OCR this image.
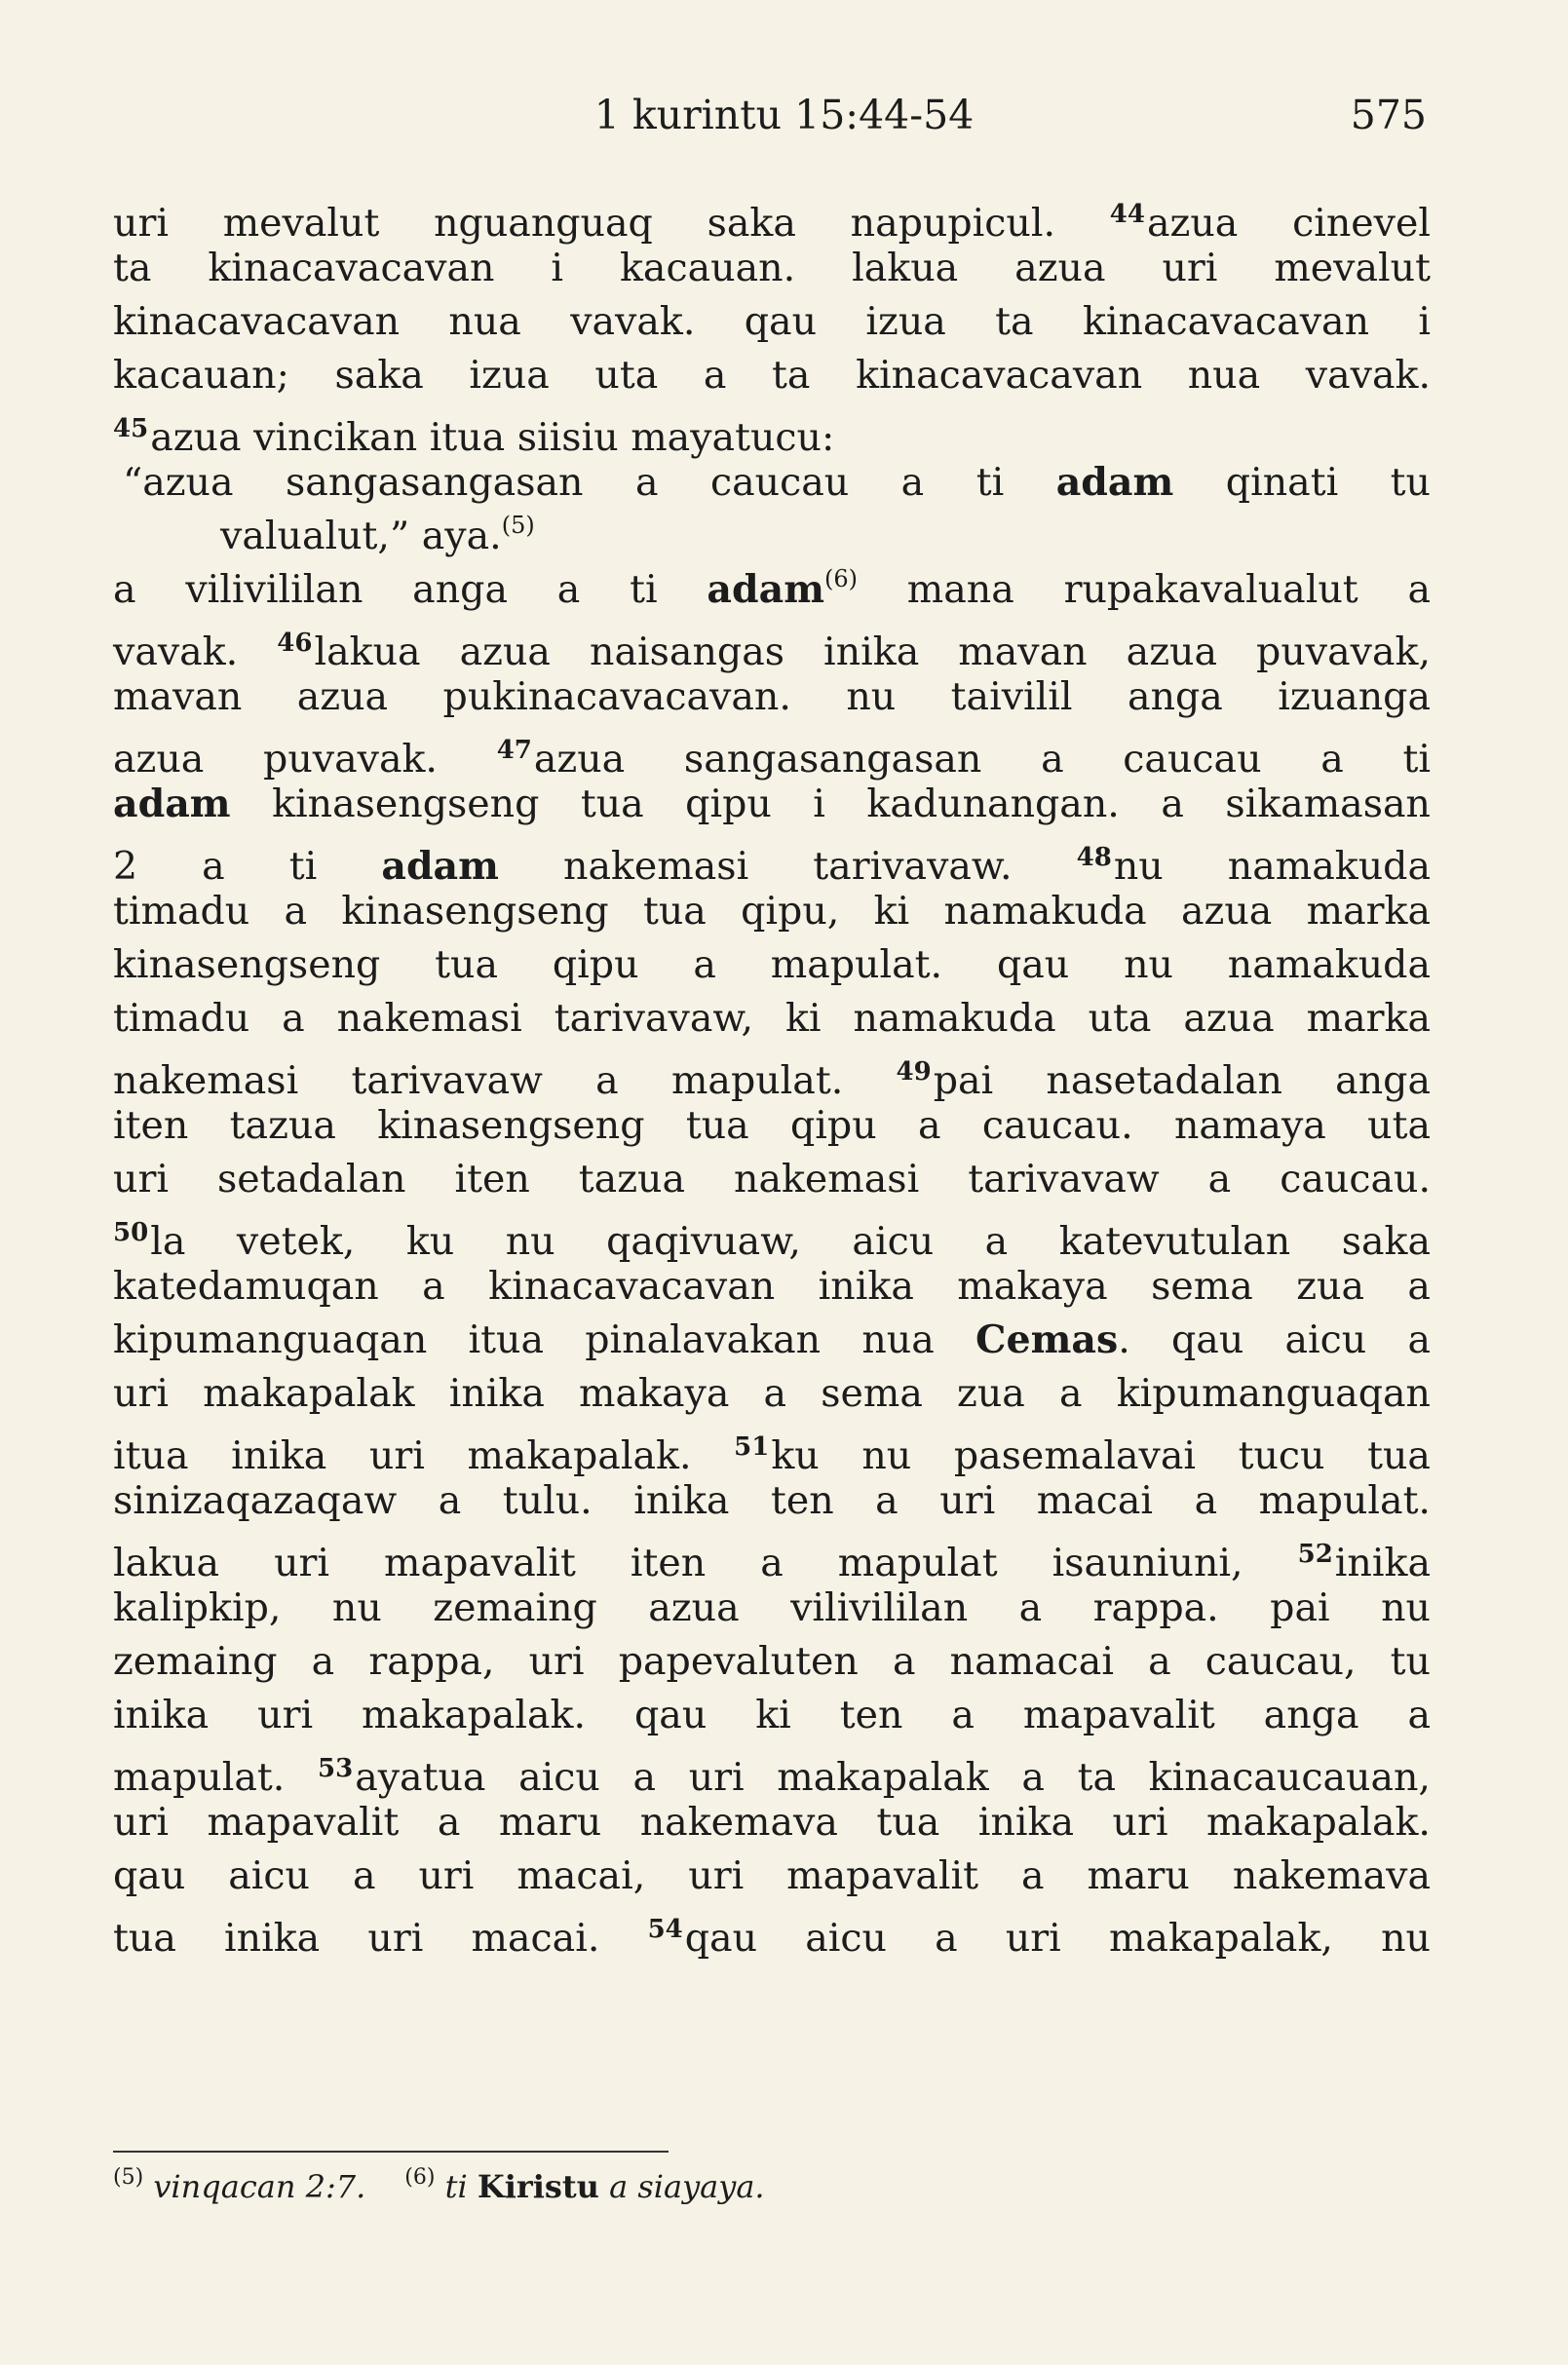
1 kurintu 15:44-54	575
uri mevalut nguanguaq saka napupicul. $^{44}$azua cinevel
ta kinacavacavan i kacauan. lakua azua uri mevalut
kinacavacavan nua vavak. qau izua ta kinacavacavan i
kacauan; saka izua uta a ta kinacavacavan nua vavak.
$^{45}$azua vincikan itua siisiu mayatucu:
“azua sangasangasan a caucau a ti adam qinati tu
valualut,” aya.$^{(5)}$
a vilivililan anga a ti adam$^{(6)}$ mana rupakavalualut a
vavak. $^{46}$lakua azua naisangas inika mavan azua puvavak,
mavan azua pukinacavacavan. nu taivilil anga izuanga
azua puvavak. $^{47}$azua sangasangasan a caucau a ti
adam kinasengseng tua qipu i kadunangan. a sikamasan
2 a ti adam nakemasi tarivavaw. $^{48}$nu namakuda
timadu a kinasengseng tua qipu, ki namakuda azua marka
kinasengseng tua qipu a mapulat. qau nu namakuda
timadu a nakemasi tarivavaw, ki namakuda uta azua marka
nakemasi tarivavaw a mapulat. $^{49}$pai nasetadalan anga
iten tazua kinasengseng tua qipu a caucau. namaya uta
uri setadalan iten tazua nakemasi tarivavaw a caucau.
$^{50}$la vetek, ku nu qaqivuaw, aicu a katevutulan saka
katedamuqan a kinacavacavan inika makaya sema zua a
kipumanguaqan itua pinalavakan nua Cemas. qau aicu a
uri makapalak inika makaya a sema zua a kipumanguaqan
itua inika uri makapalak. $^{51}$ku nu pasemalavai tucu tua
sinizaqazaqaw a tulu. inika ten a uri macai a mapulat.
lakua uri mapavalit iten a mapulat isauniuni, $^{52}$inika
kalipkip, nu zemaing azua vilivililan a rappa. pai nu
zemaing a rappa, uri papevaluten a namacai a caucau, tu
inika uri makapalak. qau ki ten a mapavalit anga a
mapulat. $^{53}$ayatua aicu a uri makapalak a ta kinacaucauan,
uri mapavalit a maru nakemava tua inika uri makapalak.
qau aicu a uri macai, uri mapavalit a maru nakemava
tua inika uri macai. $^{54}$qau aicu a uri makapalak, nu
$^{(5)}$ vinqacan 2:7. $^{(6)}$ ti Kiristu a siayaya.
